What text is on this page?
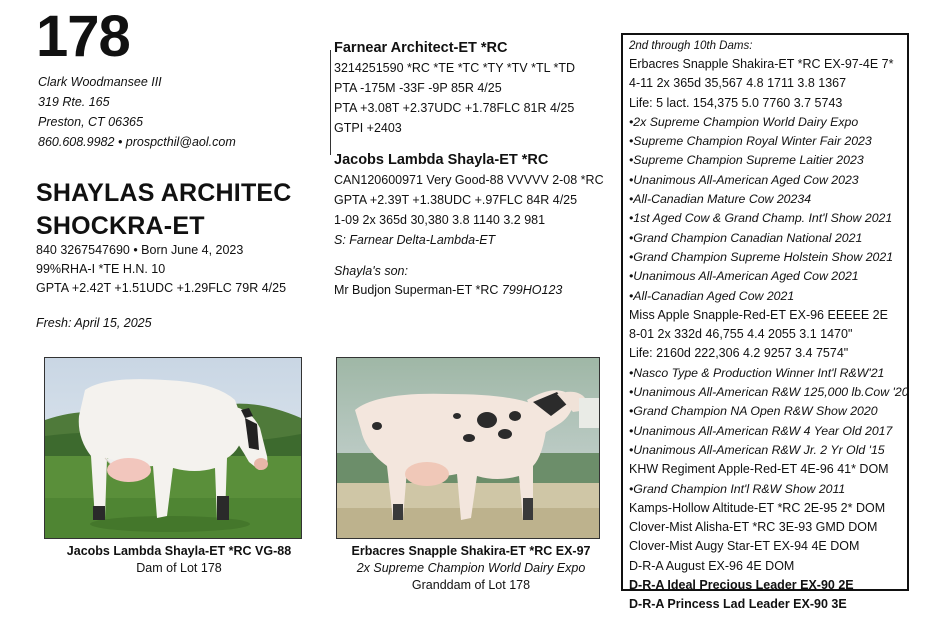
178
Clark Woodmansee III
319 Rte. 165
Preston, CT 06365
860.608.9982 • prospcthil@aol.com
SHAYLAS ARCHITEC
SHOCKRA-ET
840 3267547690 • Born June 4, 2023
99%RHA-I *TE H.N. 10
GPTA +2.42T +1.51UDC +1.29FLC 79R 4/25
Fresh: April 15, 2025
Farnear Architect-ET *RC
3214251590 *RC *TE *TC *TY *TV *TL *TD
PTA -175M -33F -9P 85R 4/25
PTA +3.08T +2.37UDC +1.78FLC 81R 4/25
GTPI +2403
Jacobs Lambda Shayla-ET *RC
CAN120600971 Very Good-88 VVVVV 2-08 *RC
GPTA +2.39T +1.38UDC +.97FLC 84R 4/25
1-09 2x 365d 30,380 3.8 1140 3.2 981
S: Farnear Delta-Lambda-ET
Shayla's son:
Mr Budjon Superman-ET *RC 799HO123
Jacobs Lambda Shayla-ET *RC VG-88
Dam of Lot 178
Erbacres Snapple Shakira-ET *RC EX-97
2x Supreme Champion World Dairy Expo
Granddam of Lot 178
2nd through 10th Dams:
Erbacres Snapple Shakira-ET *RC EX-97-4E 7*
4-11 2x 365d 35,567 4.8 1711 3.8 1367
Life: 5 lact. 154,375 5.0 7760 3.7 5743
•2x Supreme Champion World Dairy Expo
•Supreme Champion Royal Winter Fair 2023
•Supreme Champion Supreme Laitier 2023
•Unanimous All-American Aged Cow 2023
•All-Canadian Mature Cow 20234
•1st Aged Cow & Grand Champ. Int'l Show 2021
•Grand Champion Canadian National 2021
•Grand Champion Supreme Holstein Show 2021
•Unanimous All-American Aged Cow 2021
•All-Canadian Aged Cow 2021
Miss Apple Snapple-Red-ET EX-96 EEEEE 2E
8-01 2x 332d 46,755 4.4 2055 3.1 1470"
Life: 2160d 222,306 4.2 9257 3.4 7574"
•Nasco Type & Production Winner Int'l R&W'21
•Unanimous All-American R&W 125,000 lb.Cow '20
•Grand Champion NA Open R&W Show 2020
•Unanimous All-American R&W 4 Year Old 2017
•Unanimous All-American R&W Jr. 2 Yr Old '15
KHW Regiment Apple-Red-ET 4E-96 41* DOM
•Grand Champion Int'l R&W Show 2011
Kamps-Hollow Altitude-ET *RC 2E-95 2* DOM
Clover-Mist Alisha-ET *RC 3E-93 GMD DOM
Clover-Mist Augy Star-ET EX-94 4E DOM
D-R-A August EX-96 4E DOM
D-R-A Ideal Precious Leader EX-90 2E
D-R-A Princess Lad Leader EX-90 3E
